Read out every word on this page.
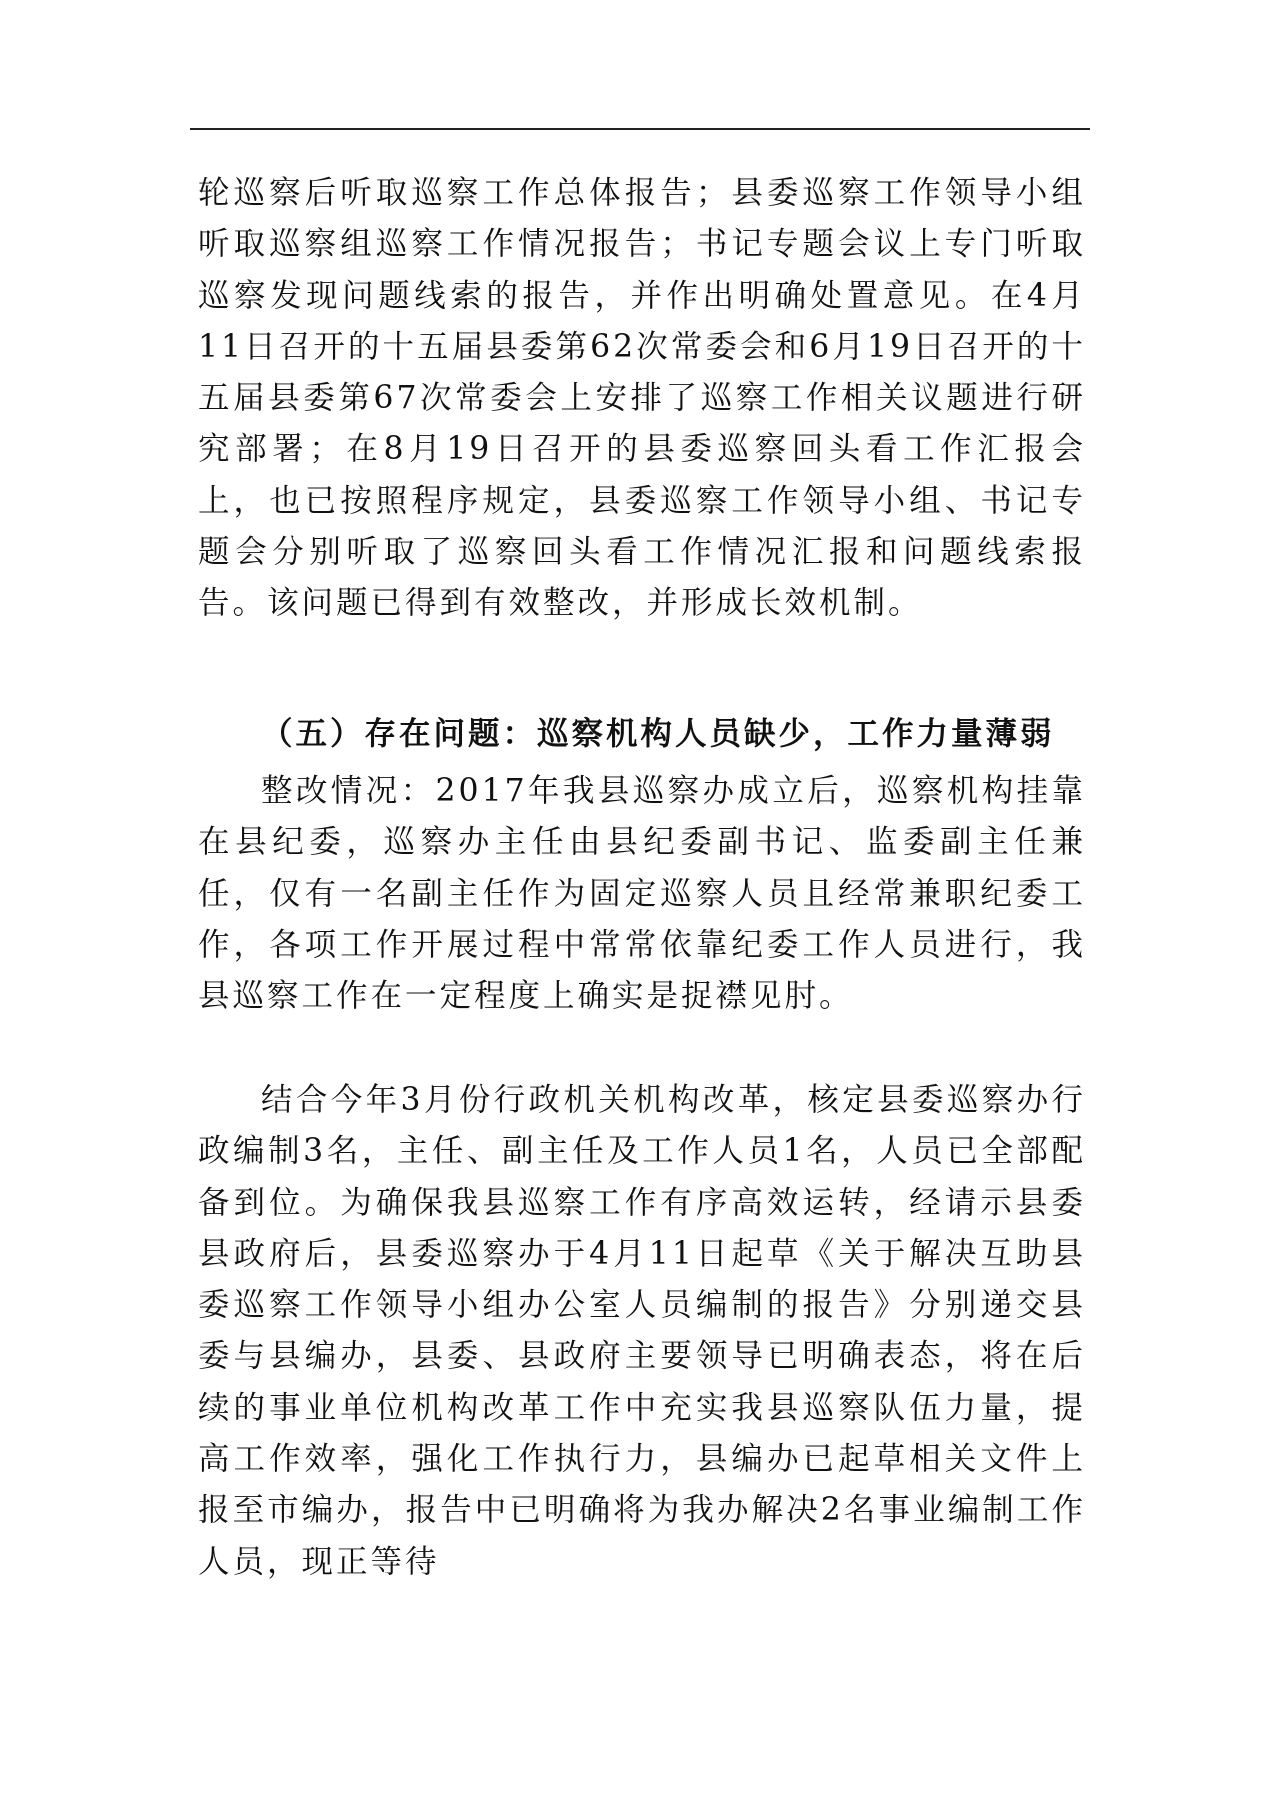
轮巡察后听取巡察工作总体报告；县委巡察工作领导小组听取巡察组巡察工作情况报告；书记专题会议上专门听取巡察发现问题线索的报告，并作出明确处置意见。在4月11日召开的十五届县委第62次常委会和6月19日召开的十五届县委第67次常委会上安排了巡察工作相关议题进行研究部署；在8月19日召开的县委巡察回头看工作汇报会上，也已按照程序规定，县委巡察工作领导小组、书记专题会分别听取了巡察回头看工作情况汇报和问题线索报告。该问题已得到有效整改，并形成长效机制。

（五）存在问题：巡察机构人员缺少，工作力量薄弱

整改情况：2017年我县巡察办成立后，巡察机构挂靠在县纪委，巡察办主任由县纪委副书记、监委副主任兼任，仅有一名副主任作为固定巡察人员且经常兼职纪委工作，各项工作开展过程中常常依靠纪委工作人员进行，我县巡察工作在一定程度上确实是捉襟见肘。

结合今年3月份行政机关机构改革，核定县委巡察办行政编制3名，主任、副主任及工作人员1名，人员已全部配备到位。为确保我县巡察工作有序高效运转，经请示县委县政府后，县委巡察办于4月11日起草《关于解决互助县委巡察工作领导小组办公室人员编制的报告》分别递交县委与县编办，县委、县政府主要领导已明确表态，将在后续的事业单位机构改革工作中充实我县巡察队伍力量，提高工作效率，强化工作执行力，县编办已起草相关文件上报至市编办，报告中已明确将为我办解决2名事业编制工作人员，现正等待
